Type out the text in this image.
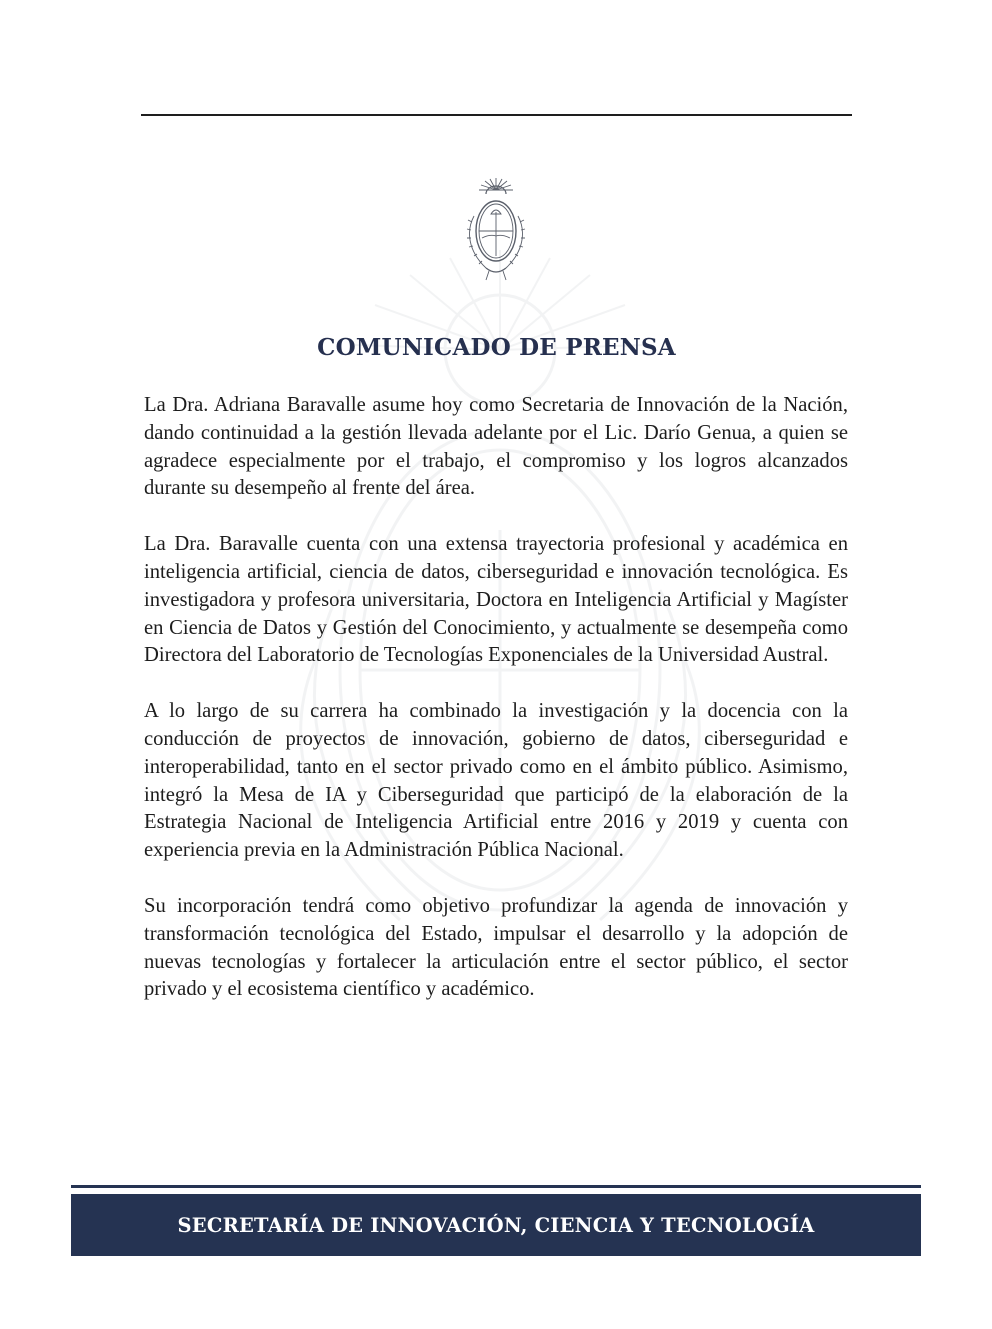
COMUNICADO DE PRENSA

La Dra. Adriana Baravalle asume hoy como Secretaria de Innovación de la Nación, dando continuidad a la gestión llevada adelante por el Lic. Darío Genua, a quien se agradece especialmente por el trabajo, el compromiso y los logros alcanzados durante su desempeño al frente del área.

La Dra. Baravalle cuenta con una extensa trayectoria profesional y académica en inteligencia artificial, ciencia de datos, ciberseguridad e innovación tecnológica. Es investigadora y profesora universitaria, Doctora en Inteligencia Artificial y Magíster en Ciencia de Datos y Gestión del Conocimiento, y actualmente se desempeña como Directora del Laboratorio de Tecnologías Exponenciales de la Universidad Austral.

A lo largo de su carrera ha combinado la investigación y la docencia con la conducción de proyectos de innovación, gobierno de datos, ciberseguridad e interoperabilidad, tanto en el sector privado como en el ámbito público. Asimismo, integró la Mesa de IA y Ciberseguridad que participó de la elaboración de la Estrategia Nacional de Inteligencia Artificial entre 2016 y 2019 y cuenta con experiencia previa en la Administración Pública Nacional.

Su incorporación tendrá como objetivo profundizar la agenda de innovación y transformación tecnológica del Estado, impulsar el desarrollo y la adopción de nuevas tecnologías y fortalecer la articulación entre el sector público, el sector privado y el ecosistema científico y académico.

SECRETARÍA DE INNOVACIÓN, CIENCIA Y TECNOLOGÍA
